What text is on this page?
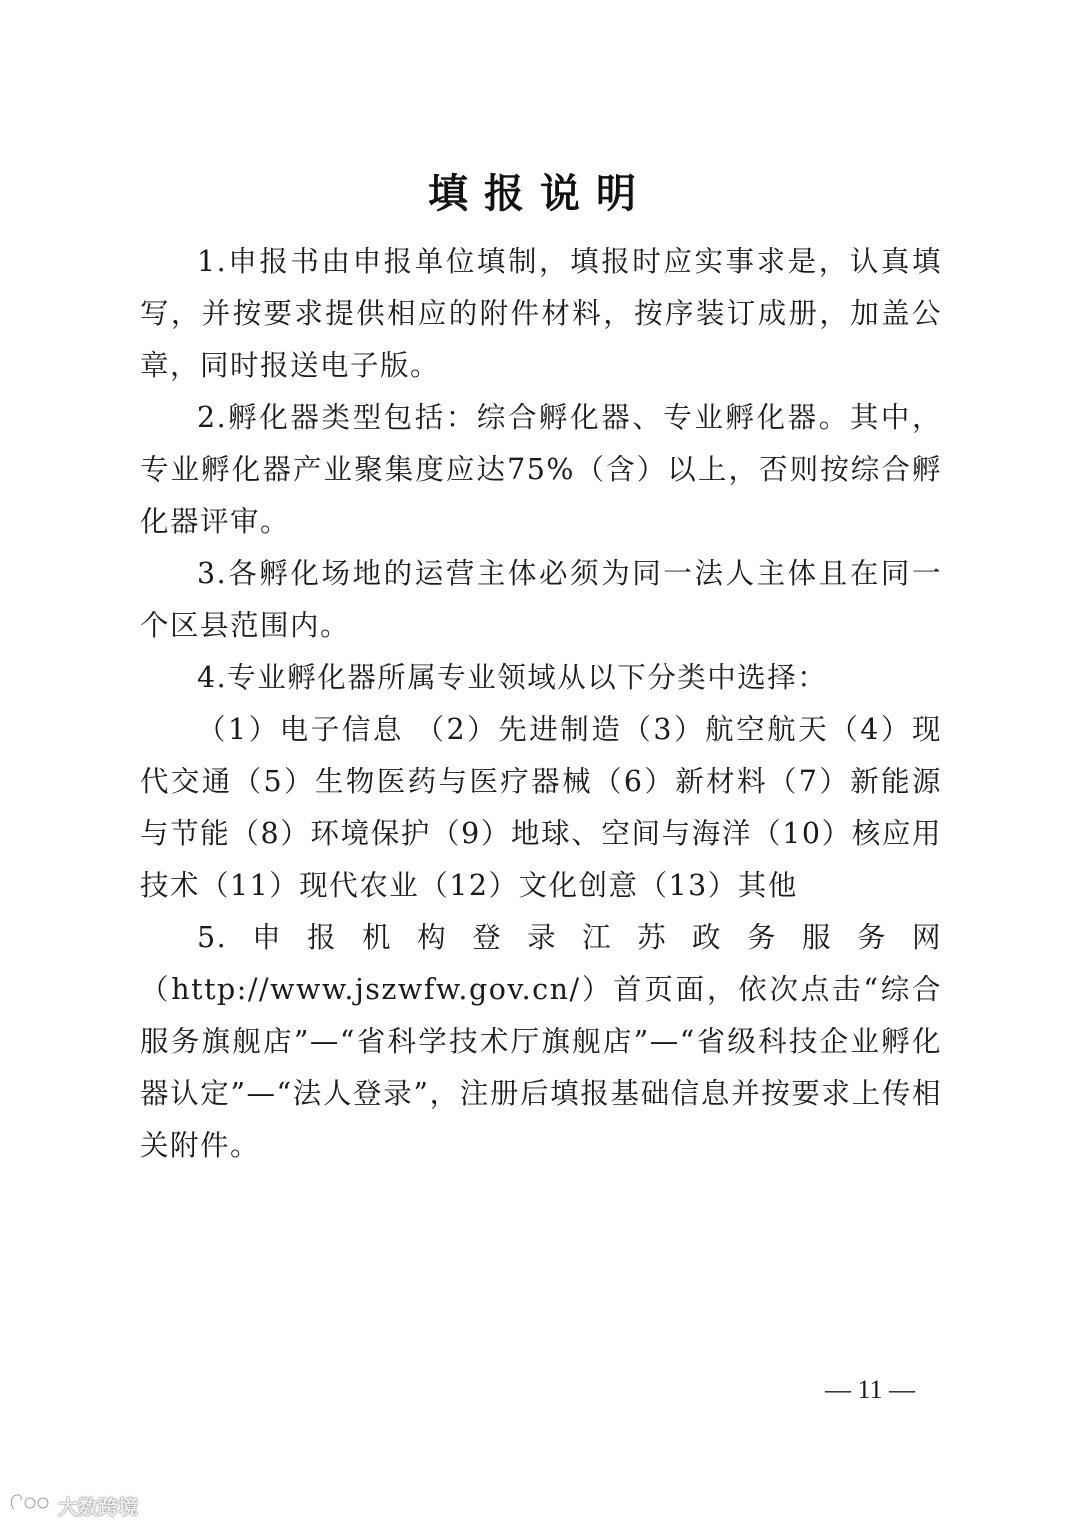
填报说明

1.申报书由申报单位填制，填报时应实事求是，认真填写，并按要求提供相应的附件材料，按序装订成册，加盖公章，同时报送电子版。

2.孵化器类型包括：综合孵化器、专业孵化器。其中，专业孵化器产业聚集度应达75%（含）以上，否则按综合孵化器评审。

3.各孵化场地的运营主体必须为同一法人主体且在同一个区县范围内。

4.专业孵化器所属专业领域从以下分类中选择：

（1）电子信息 （2）先进制造（3）航空航天（4）现代交通（5）生物医药与医疗器械（6）新材料（7）新能源与节能（8）环境保护（9）地球、空间与海洋（10）核应用技术（11）现代农业（12）文化创意（13）其他

5.申报机构登录江苏政务服务网（http://www.jszwfw.gov.cn/）首页面，依次点击“综合服务旗舰店”—“省科学技术厅旗舰店”—“省级科技企业孵化器认定”—“法人登录”，注册后填报基础信息并按要求上传相关附件。

— 11 —
大数跨境
